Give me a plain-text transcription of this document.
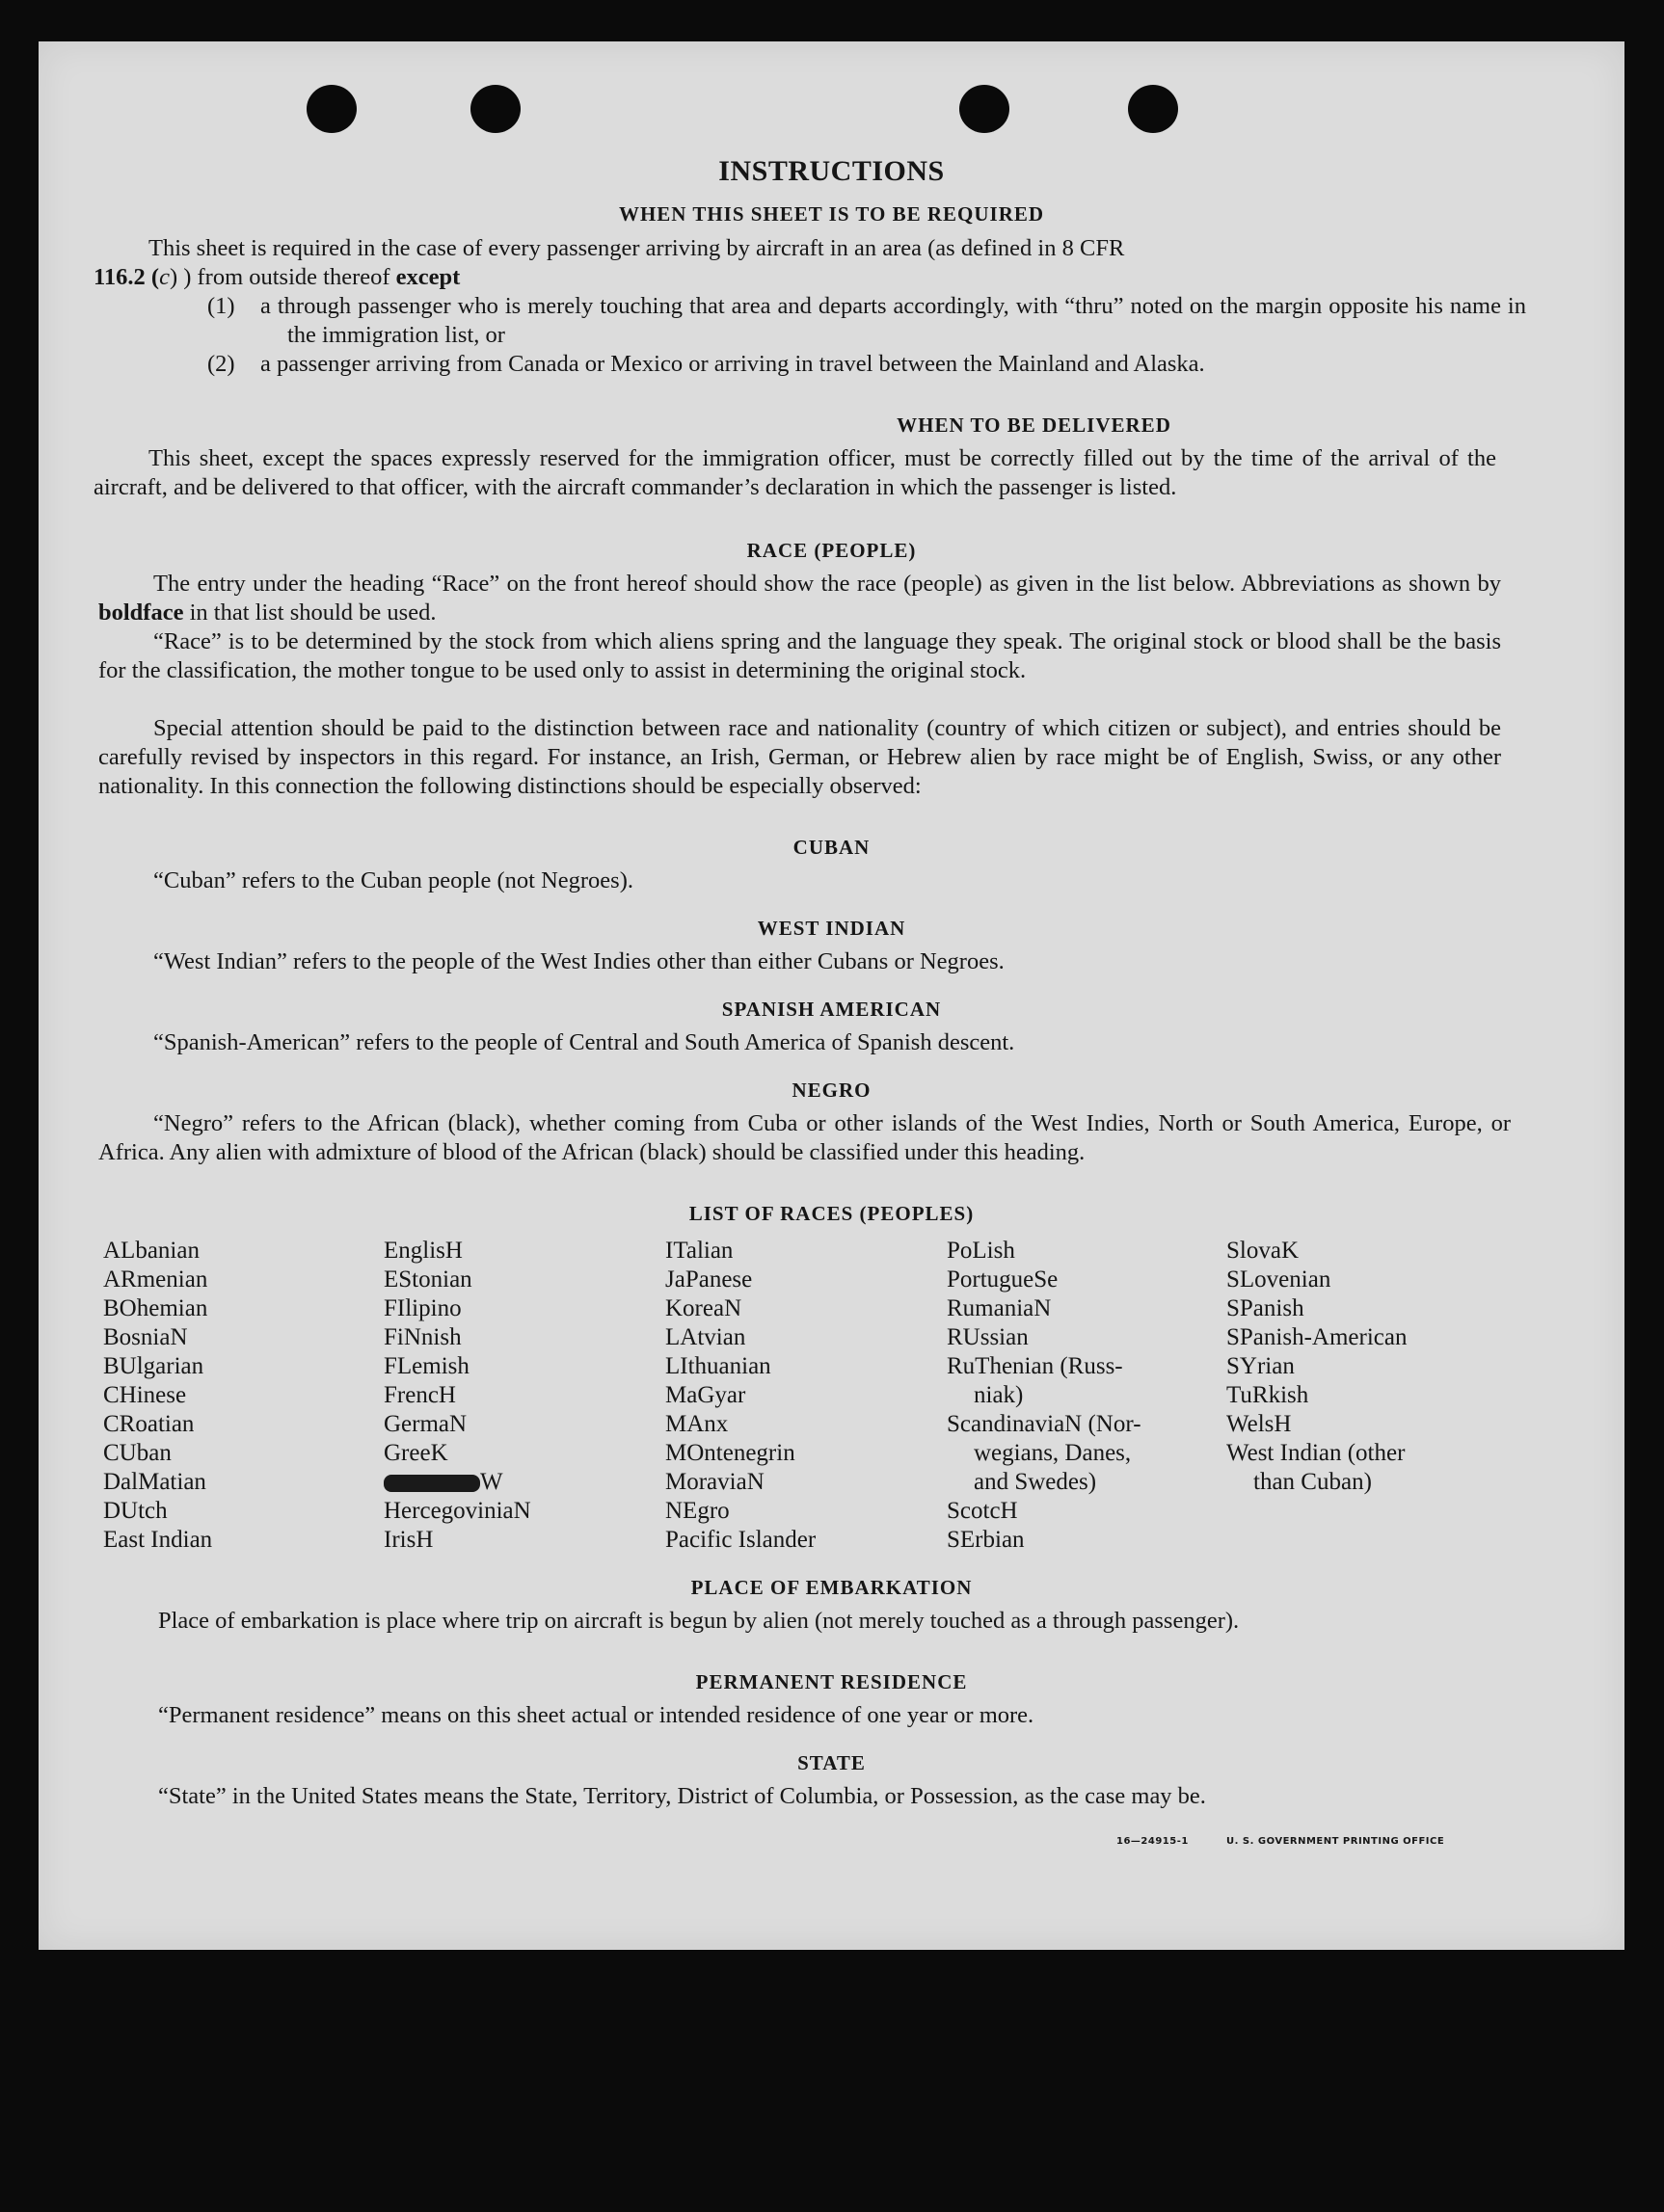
INSTRUCTIONS
WHEN THIS SHEET IS TO BE REQUIRED

This sheet is required in the case of every passenger arriving by aircraft in an area (as defined in 8 CFR

116.2 (c) ) from outside thereof except

(1) a through passenger who is merely touching that area and departs accordingly, with “thru” noted on the margin opposite his name in the immigration list, or

(2) a passenger arriving from Canada or Mexico or arriving in travel between the Mainland and Alaska.

WHEN TO BE DELIVERED

This sheet, except the spaces expressly reserved for the immigration officer, must be correctly filled out by the time of the arrival of the aircraft, and be delivered to that officer, with the aircraft commander’s declaration in which the passenger is listed.

RACE (PEOPLE)

The entry under the heading “Race” on the front hereof should show the race (people) as given in the list below. Abbreviations as shown by boldface in that list should be used.

“Race” is to be determined by the stock from which aliens spring and the language they speak. The original stock or blood shall be the basis for the classification, the mother tongue to be used only to assist in determining the original stock.

Special attention should be paid to the distinction between race and nationality (country of which citizen or subject), and entries should be carefully revised by inspectors in this regard. For instance, an Irish, German, or Hebrew alien by race might be of English, Swiss, or any other nationality. In this connection the following distinctions should be especially observed:

CUBAN

“Cuban” refers to the Cuban people (not Negroes).

WEST INDIAN

“West Indian” refers to the people of the West Indies other than either Cubans or Negroes.

SPANISH AMERICAN

“Spanish-American” refers to the people of Central and South America of Spanish descent.

NEGRO

“Negro” refers to the African (black), whether coming from Cuba or other islands of the West Indies, North or South America, Europe, or Africa. Any alien with admixture of blood of the African (black) should be classified under this heading.

LIST OF RACES (PEOPLES)
ALbanian
ARmenian
BOhemian
BosniaN
BUlgarian
CHinese
CRoatian
CUban
DalMatian
DUtch
East Indian
EnglisH
EStonian
FIlipino
FiNnish
FLemish
FrencH
GermaN
GreeK
W
HercegoviniaN
IrisH
ITalian
JaPanese
KoreaN
LAtvian
LIthuanian
MaGyar
MAnx
MOntenegrin
MoraviaN
NEgro
Pacific Islander
PoLish
PortugueSe
RumaniaN
RUssian
RuThenian (Russ-
niak)
ScandinaviaN (Nor-
wegians, Danes,
and Swedes)
ScotcH
SErbian
SlovaK
SLovenian
SPanish
SPanish-American
SYrian
TuRkish
WelsH
West Indian (other
than Cuban)
PLACE OF EMBARKATION

Place of embarkation is place where trip on aircraft is begun by alien (not merely touched as a through passenger).

PERMANENT RESIDENCE

“Permanent residence” means on this sheet actual or intended residence of one year or more.

STATE

“State” in the United States means the State, Territory, District of Columbia, or Possession, as the case may be.

16—24915-1	U. S. GOVERNMENT PRINTING OFFICE
